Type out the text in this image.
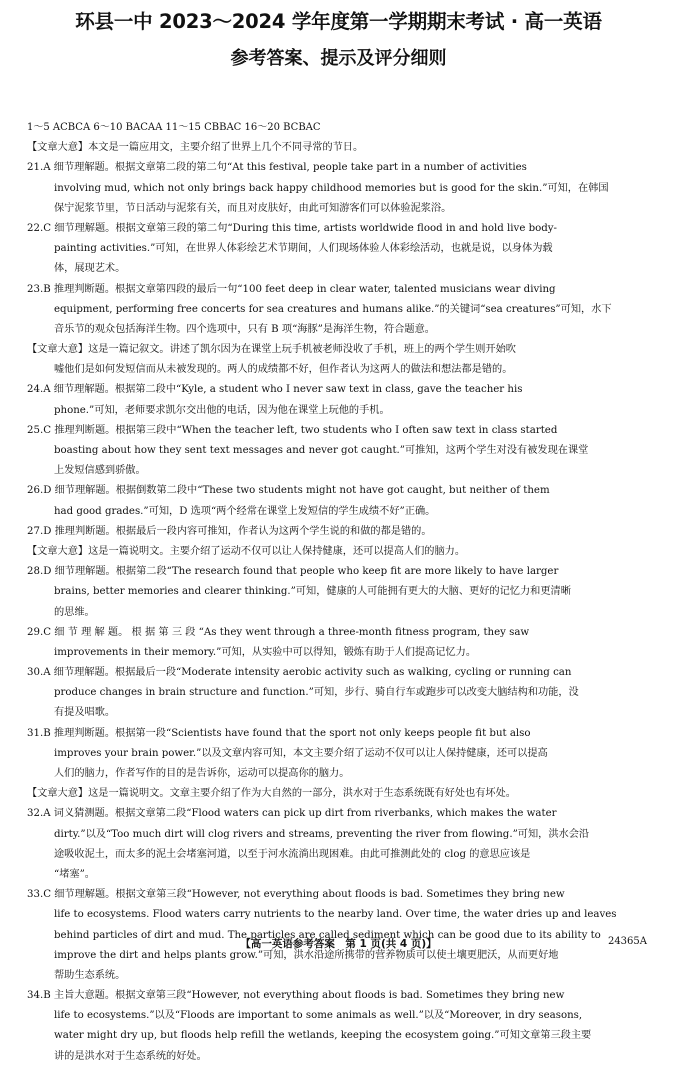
环县一中 2023～2024 学年度第一学期期末考试 · 高一英语
参考答案、提示及评分细则
1～5 ACBCA 6～10 BACAA 11～15 CBBAC 16～20 BCBAC
【文章大意】本文是一篇应用文，主要介绍了世界上几个不同寻常的节日。
21.A 细节理解题。根据文章第二段的第二句“At this festival, people take part in a number of activities
involving mud, which not only brings back happy childhood memories but is good for the skin.”可知，在韩国
保宁泥浆节里，节日活动与泥浆有关，而且对皮肤好，由此可知游客们可以体验泥浆浴。
22.C 细节理解题。根据文章第三段的第二句“During this time, artists worldwide flood in and hold live body-
painting activities.”可知，在世界人体彩绘艺术节期间，人们现场体验人体彩绘活动，也就是说，以身体为载
体，展现艺术。
23.B 推理判断题。根据文章第四段的最后一句“100 feet deep in clear water, talented musicians wear diving
equipment, performing free concerts for sea creatures and humans alike.”的关键词“sea creatures”可知，水下
音乐节的观众包括海洋生物。四个选项中，只有 B 项“海豚”是海洋生物，符合题意。
【文章大意】这是一篇记叙文。讲述了凯尔因为在课堂上玩手机被老师没收了手机，班上的两个学生则开始吹
嘘他们是如何发短信而从未被发现的。两人的成绩都不好，但作者认为这两人的做法和想法都是错的。
24.A 细节理解题。根据第二段中“Kyle, a student who I never saw text in class, gave the teacher his
phone.”可知，老师要求凯尔交出他的电话，因为他在课堂上玩他的手机。
25.C 推理判断题。根据第三段中“When the teacher left, two students who I often saw text in class started
boasting about how they sent text messages and never got caught.”可推知，这两个学生对没有被发现在课堂
上发短信感到骄傲。
26.D 细节理解题。根据倒数第二段中“These two students might not have got caught, but neither of them
had good grades.”可知，D 选项“两个经常在课堂上发短信的学生成绩不好”正确。
27.D 推理判断题。根据最后一段内容可推知，作者认为这两个学生说的和做的都是错的。
【文章大意】这是一篇说明文。主要介绍了运动不仅可以让人保持健康，还可以提高人们的脑力。
28.D 细节理解题。根据第二段“The research found that people who keep fit are more likely to have larger
brains, better memories and clearer thinking.”可知，健康的人可能拥有更大的大脑、更好的记忆力和更清晰
的思维。
29.C 细 节 理 解 题。 根 据 第 三 段 “As they went through a three-month fitness program, they saw
improvements in their memory.”可知，从实验中可以得知，锻炼有助于人们提高记忆力。
30.A 细节理解题。根据最后一段“Moderate intensity aerobic activity such as walking, cycling or running can
produce changes in brain structure and function.”可知，步行、骑自行车或跑步可以改变大脑结构和功能，没
有提及唱歌。
31.B 推理判断题。根据第一段“Scientists have found that the sport not only keeps people fit but also
improves your brain power.”以及文章内容可知，本文主要介绍了运动不仅可以让人保持健康，还可以提高
人们的脑力，作者写作的目的是告诉你，运动可以提高你的脑力。
【文章大意】这是一篇说明文。文章主要介绍了作为大自然的一部分，洪水对于生态系统既有好处也有坏处。
32.A 词义猜测题。根据文章第二段“Flood waters can pick up dirt from riverbanks, which makes the water
dirty.”以及“Too much dirt will clog rivers and streams, preventing the river from flowing.”可知，洪水会沿
途吸收泥土，而太多的泥土会堵塞河道，以至于河水流淌出现困难。由此可推测此处的 clog 的意思应该是
“堵塞”。
33.C 细节理解题。根据文章第三段“However, not everything about floods is bad. Sometimes they bring new
life to ecosystems. Flood waters carry nutrients to the nearby land. Over time, the water dries up and leaves
behind particles of dirt and mud. The particles are called sediment which can be good due to its ability to
improve the dirt and helps plants grow.”可知，洪水沿途所携带的营养物质可以使土壤更肥沃，从而更好地
帮助生态系统。
34.B 主旨大意题。根据文章第三段“However, not everything about floods is bad. Sometimes they bring new
life to ecosystems.”以及“Floods are important to some animals as well.”以及“Moreover, in dry seasons,
water might dry up, but floods help refill the wetlands, keeping the ecosystem going.”可知文章第三段主要
讲的是洪水对于生态系统的好处。
【高一英语参考答案　第 1 页(共 4 页)】	24365A
